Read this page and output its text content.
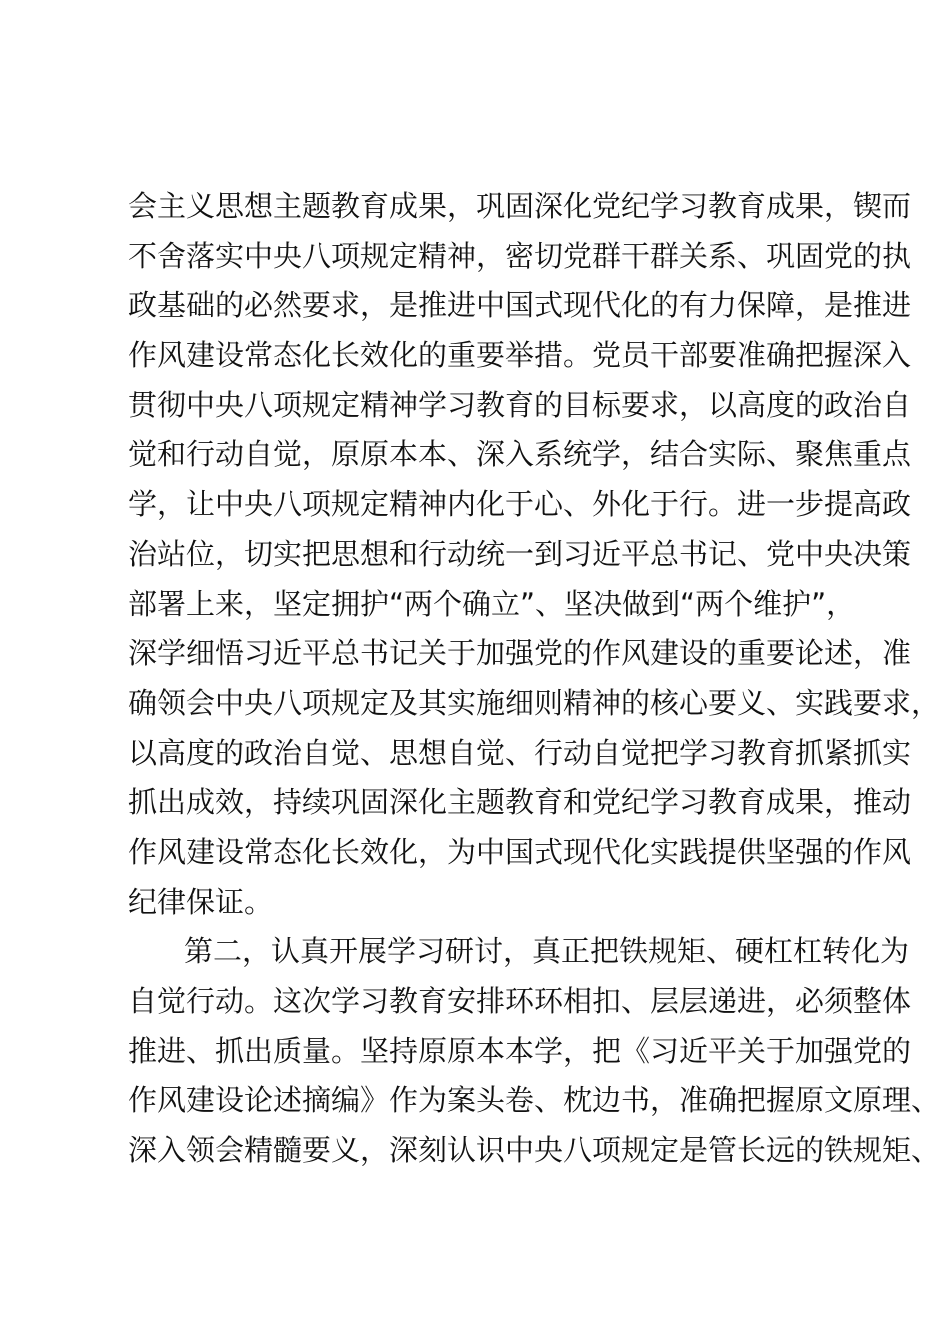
会主义思想主题教育成果，巩固深化党纪学习教育成果，锲而
不舍落实中央八项规定精神，密切党群干群关系、巩固党的执
政基础的必然要求，是推进中国式现代化的有力保障，是推进
作风建设常态化长效化的重要举措。党员干部要准确把握深入
贯彻中央八项规定精神学习教育的目标要求，以高度的政治自
觉和行动自觉，原原本本、深入系统学，结合实际、聚焦重点
学，让中央八项规定精神内化于心、外化于行。进一步提高政
治站位，切实把思想和行动统一到习近平总书记、党中央决策
部署上来，坚定拥护“两个确立”、坚决做到“两个维护”，
深学细悟习近平总书记关于加强党的作风建设的重要论述，准
确领会中央八项规定及其实施细则精神的核心要义、实践要求，
以高度的政治自觉、思想自觉、行动自觉把学习教育抓紧抓实
抓出成效，持续巩固深化主题教育和党纪学习教育成果，推动
作风建设常态化长效化，为中国式现代化实践提供坚强的作风
纪律保证。
第二，认真开展学习研讨，真正把铁规矩、硬杠杠转化为
自觉行动。这次学习教育安排环环相扣、层层递进，必须整体
推进、抓出质量。坚持原原本本学，把《习近平关于加强党的
作风建设论述摘编》作为案头卷、枕边书，准确把握原文原理、
深入领会精髓要义，深刻认识中央八项规定是管长远的铁规矩、
